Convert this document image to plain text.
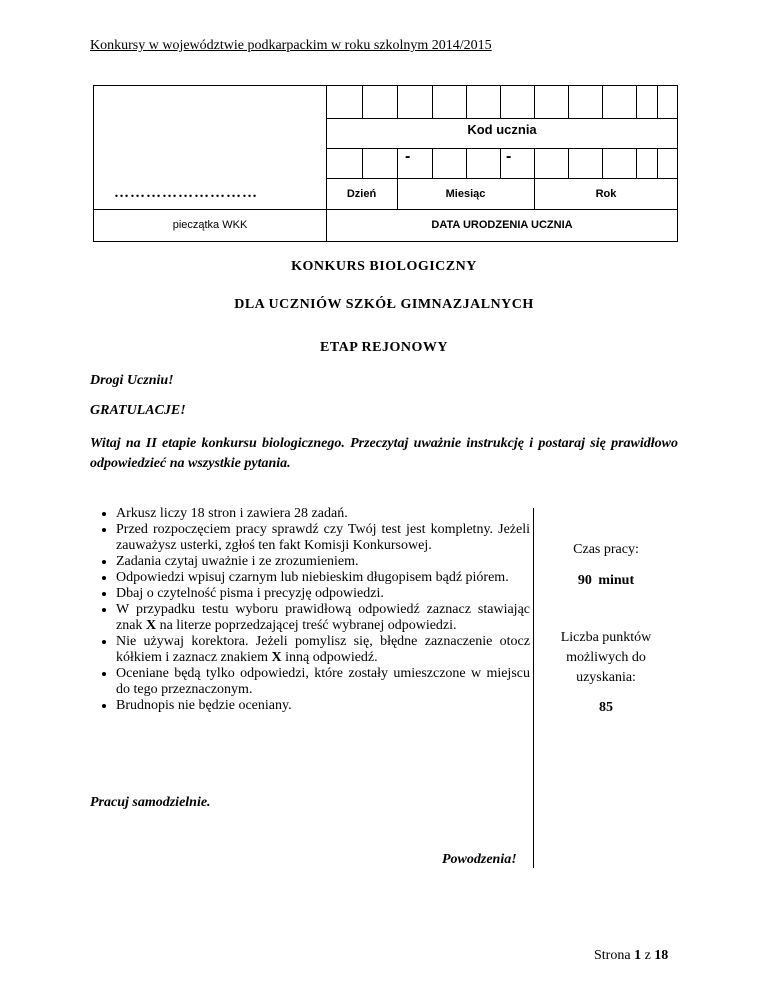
Konkursy w województwie podkarpackim w roku szkolnym 2014/2015
Kod ucznia
-	-
………………………	Dzień	Miesiąc	Rok
pieczątka WKK	DATA URODZENIA UCZNIA
KONKURS BIOLOGICZNY
DLA UCZNIÓW SZKÓŁ GIMNAZJALNYCH
ETAP REJONOWY
Drogi Uczniu!
GRATULACJE!
Witaj na II etapie konkursu biologicznego. Przeczytaj uważnie instrukcję i postaraj się prawidłowo odpowiedzieć na wszystkie pytania.
• Arkusz liczy 18 stron i zawiera 28 zadań.
• Przed rozpoczęciem pracy sprawdź czy Twój test jest kompletny. Jeżeli zauważysz usterki, zgłoś ten fakt Komisji Konkursowej.
• Zadania czytaj uważnie i ze zrozumieniem.
• Odpowiedzi wpisuj czarnym lub niebieskim długopisem bądź piórem.
• Dbaj o czytelność pisma i precyzję odpowiedzi.
• W przypadku testu wyboru prawidłową odpowiedź zaznacz stawiając znak X na literze poprzedzającej treść wybranej odpowiedzi.
• Nie używaj korektora. Jeżeli pomylisz się, błędne zaznaczenie otocz kółkiem i zaznacz znakiem X inną odpowiedź.
• Oceniane będą tylko odpowiedzi, które zostały umieszczone w miejscu do tego przeznaczonym.
• Brudnopis nie będzie oceniany.
Czas pracy:
90 minut
Liczba punktów możliwych do uzyskania:
85
Pracuj samodzielnie.
Powodzenia!
Strona 1 z 18
